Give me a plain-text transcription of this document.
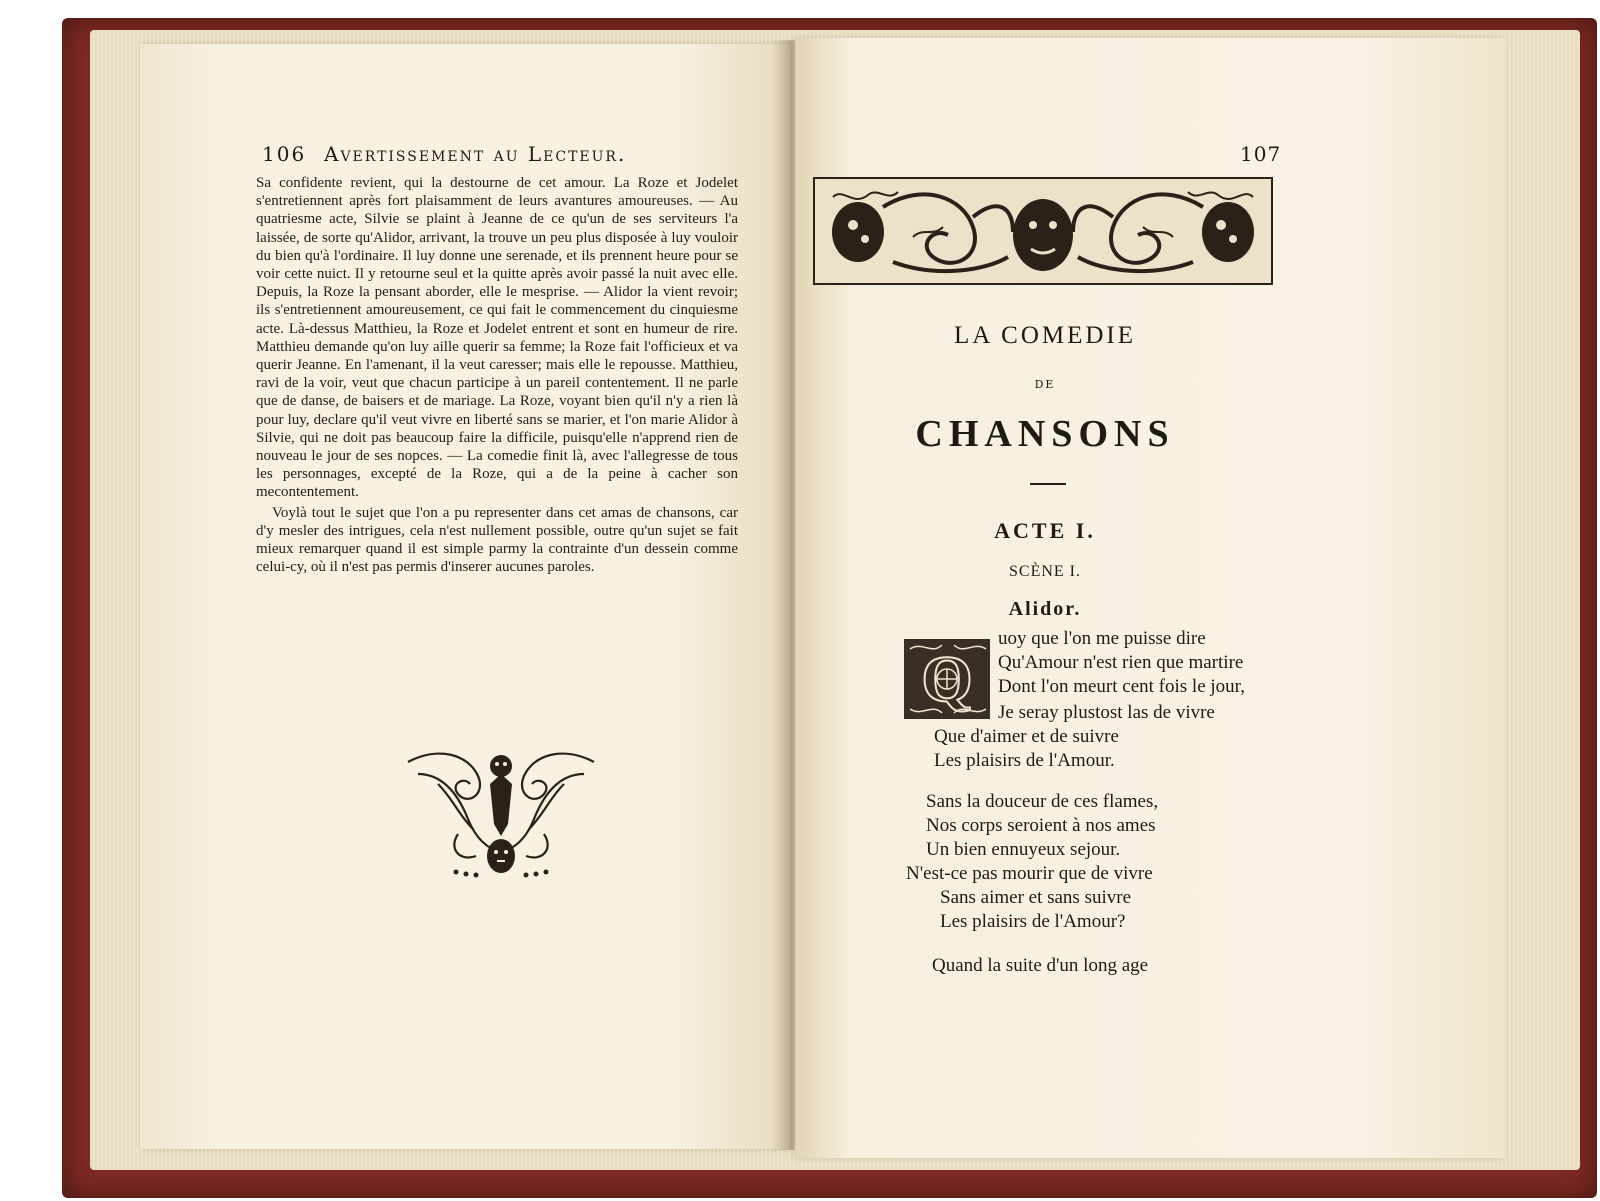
106 Avertissement au Lecteur.

Sa confidente revient, qui la destourne de cet amour. La Roze et Jodelet s'entretiennent après fort plaisamment de leurs avantures amoureuses. — Au quatriesme acte, Silvie se plaint à Jeanne de ce qu'un de ses serviteurs l'a laissée, de sorte qu'Alidor, arrivant, la trouve un peu plus disposée à luy vouloir du bien qu'à l'ordinaire. Il luy donne une serenade, et ils prennent heure pour se voir cette nuict. Il y retourne seul et la quitte après avoir passé la nuit avec elle. Depuis, la Roze la pensant aborder, elle le mesprise. — Alidor la vient revoir; ils s'entretiennent amoureusement, ce qui fait le commencement du cinquiesme acte. Là-dessus Matthieu, la Roze et Jodelet entrent et sont en humeur de rire. Matthieu demande qu'on luy aille querir sa femme; la Roze fait l'officieux et va querir Jeanne. En l'amenant, il la veut caresser; mais elle le repousse. Matthieu, ravi de la voir, veut que chacun participe à un pareil contentement. Il ne parle que de danse, de baisers et de mariage. La Roze, voyant bien qu'il n'y a rien là pour luy, declare qu'il veut vivre en liberté sans se marier, et l'on marie Alidor à Silvie, qui ne doit pas beaucoup faire la difficile, puisqu'elle n'apprend rien de nouveau le jour de ses nopces. — La comedie finit là, avec l'allegresse de tous les personnages, excepté de la Roze, qui a de la peine à cacher son mecontentement.

Voylà tout le sujet que l'on a pu representer dans cet amas de chansons, car d'y mesler des intrigues, cela n'est nullement possible, outre qu'un sujet se fait mieux remarquer quand il est simple parmy la contrainte d'un dessein comme celui-cy, où il n'est pas permis d'inserer aucunes paroles.

107
LA COMEDIE
DE
CHANSONS
ACTE I.
SCÈNE I.
Alidor.
Q
uoy que l'on me puisse dire
Qu'Amour n'est rien que martire
Dont l'on meurt cent fois le jour,
Je seray plustost las de vivre
Que d'aimer et de suivre
Les plaisirs de l'Amour.
Sans la douceur de ces flames,
Nos corps seroient à nos ames
Un bien ennuyeux sejour.
N'est-ce pas mourir que de vivre
Sans aimer et sans suivre
Les plaisirs de l'Amour?
Quand la suite d'un long age
